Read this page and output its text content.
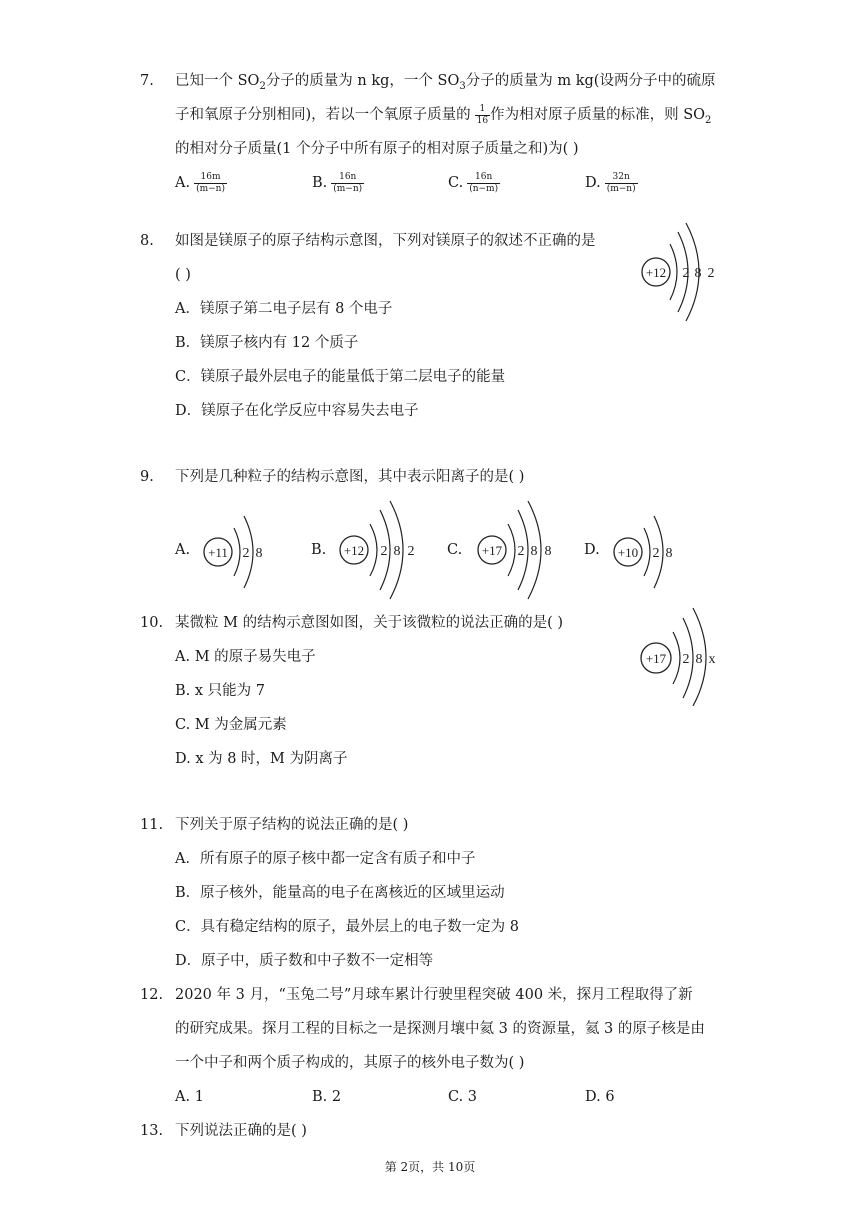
7.	已知一个 $SO_2$分子的质量为 n kg，一个 $SO_3$分子的质量为 m kg(设两分子中的硫原
子和氧原子分别相同)，若以一个氧原子质量的 $\frac{1}{16}$ 作为相对原子质量的标准，则 $SO_2$
的相对分子质量(1 个分子中所有原子的相对原子质量之和)为( )
A. $\frac{16m}{(m-n)}$	B. $\frac{16n}{(m-n)}$	C. $\frac{16n}{(n-m)}$	D. $\frac{32n}{(m-n)}$
8.	如图是镁原子的原子结构示意图，下列对镁原子的叙述不正确的是
( )
A．镁原子第二电子层有 8 个电子
B．镁原子核内有 12 个质子
C．镁原子最外层电子的能量低于第二层电子的能量
D．镁原子在化学反应中容易失去电子
+12 2 8 2
9.	下列是几种粒子的结构示意图，其中表示阳离子的是( )
A. +11 2 8	B. +12 2 8 2 C. +17 2 8 8 D. +10 2 8
10. 某微粒 M 的结构示意图如图，关于该微粒的说法正确的是( )
A. M 的原子易失电子
B. x 只能为 7
C. M 为金属元素
D. x 为 8 时，M 为阴离子
+17 2 8 x
11. 下列关于原子结构的说法正确的是( )
A．所有原子的原子核中都一定含有质子和中子
B．原子核外，能量高的电子在离核近的区域里运动
C．具有稳定结构的原子，最外层上的电子数一定为 8
D．原子中，质子数和中子数不一定相等
12. 2020 年 3 月，“玉兔二号”月球车累计行驶里程突破 400 米，探月工程取得了新
的研究成果。探月工程的目标之一是探测月壤中氦 3 的资源量，氦 3 的原子核是由
一个中子和两个质子构成的，其原子的核外电子数为( )
A. 1	B. 2	C. 3	D. 6
13. 下列说法正确的是( )
第 2页，共 10页
